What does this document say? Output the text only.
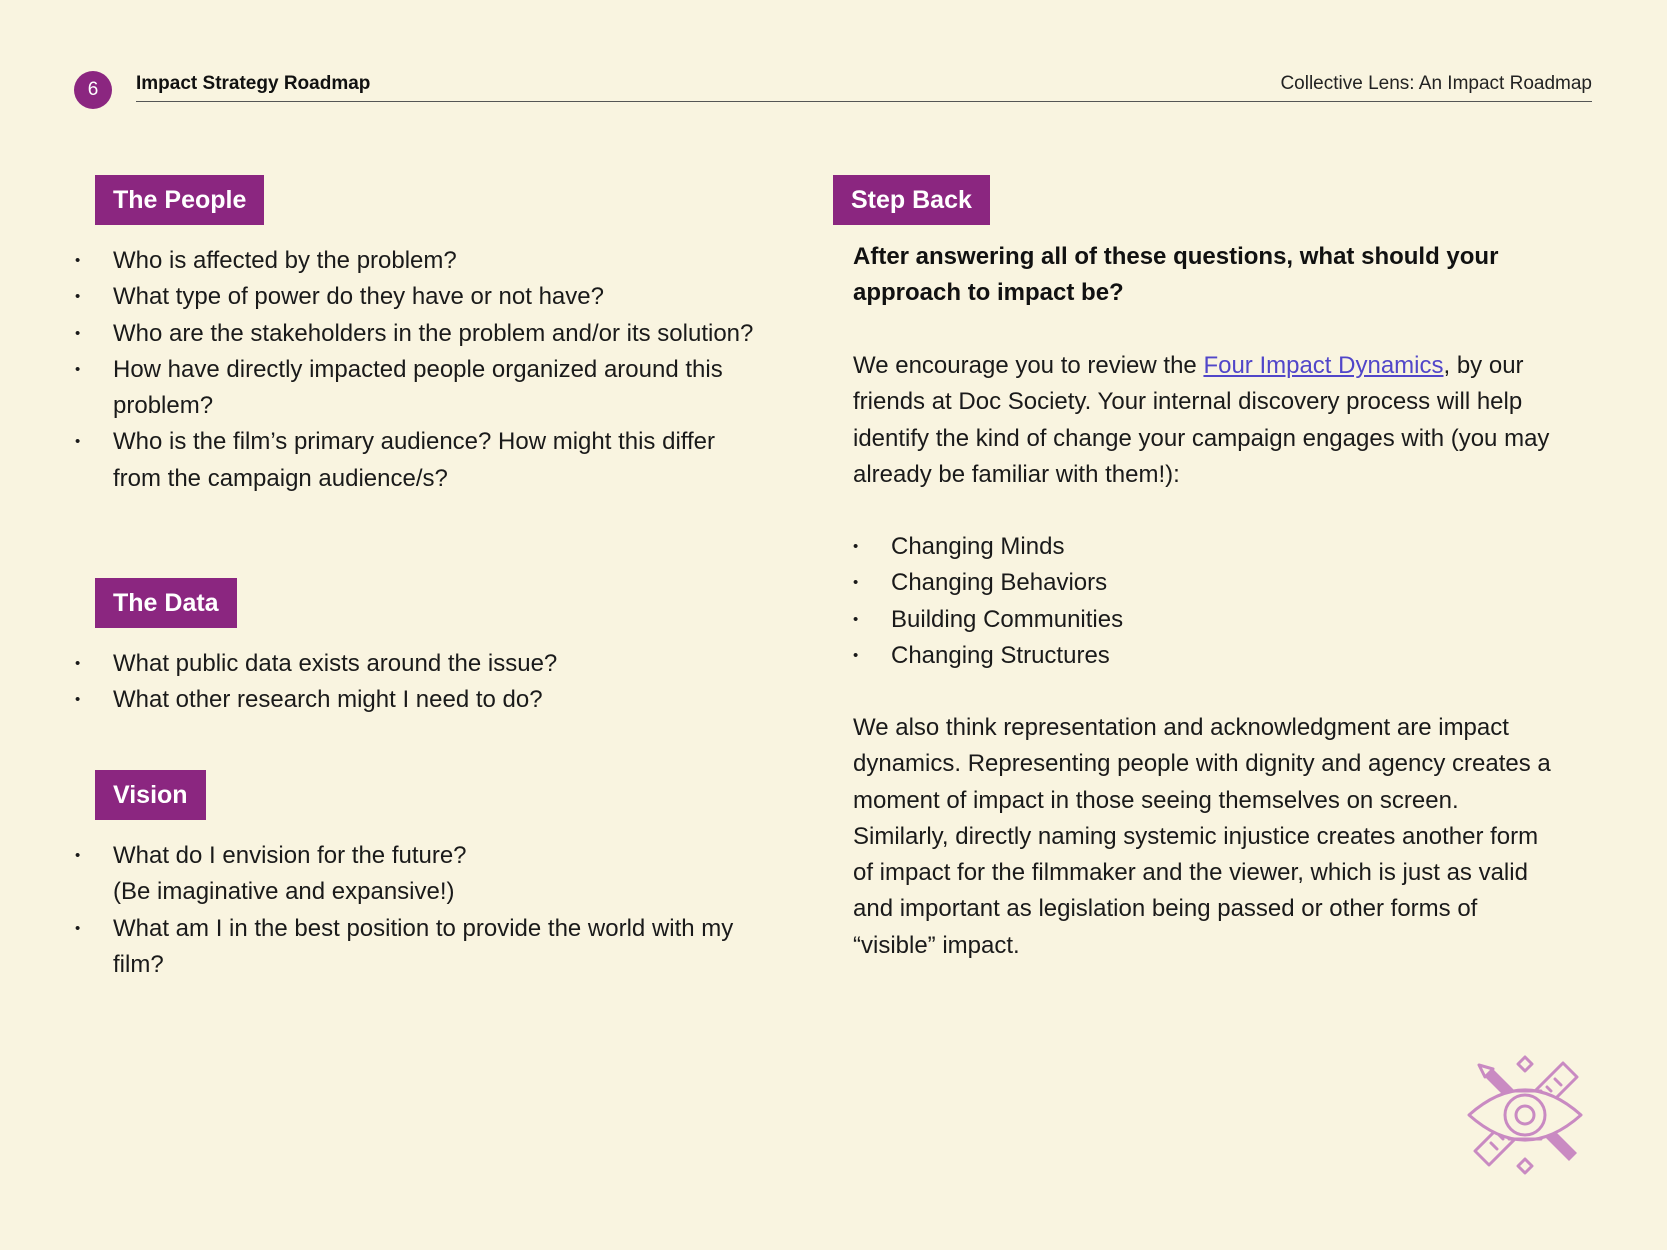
6 Impact Strategy Roadmap	Collective Lens: An Impact Roadmap
The People
• Who is affected by the problem?
• What type of power do they have or not have?
• Who are the stakeholders in the problem and/or its solution?
• How have directly impacted people organized around this problem?
• Who is the film’s primary audience? How might this differ from the campaign audience/s?
The Data
• What public data exists around the issue?
• What other research might I need to do?
Vision
• What do I envision for the future?
(Be imaginative and expansive!)
• What am I in the best position to provide the world with my film?
Step Back

After answering all of these questions, what should your approach to impact be?

We encourage you to review the Four Impact Dynamics, by our friends at Doc Society. Your internal discovery process will help identify the kind of change your campaign engages with (you may already be familiar with them!):

• Changing Minds
• Changing Behaviors
• Building Communities
• Changing Structures

We also think representation and acknowledgment are impact dynamics. Representing people with dignity and agency creates a moment of impact in those seeing themselves on screen. Similarly, directly naming systemic injustice creates another form of impact for the filmmaker and the viewer, which is just as valid and important as legislation being passed or other forms of “visible” impact.
